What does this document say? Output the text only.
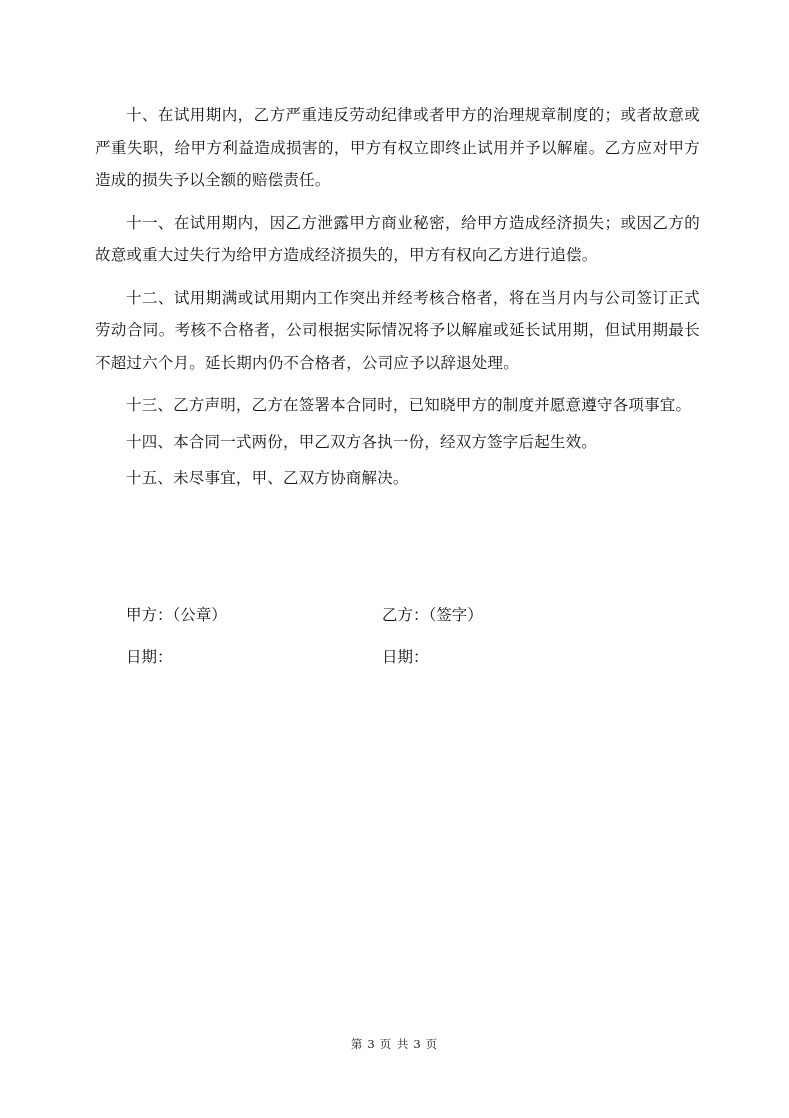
十、在试用期内，乙方严重违反劳动纪律或者甲方的治理规章制度的；或者故意或严重失职，给甲方利益造成损害的，甲方有权立即终止试用并予以解雇。乙方应对甲方造成的损失予以全额的赔偿责任。

十一、在试用期内，因乙方泄露甲方商业秘密，给甲方造成经济损失；或因乙方的故意或重大过失行为给甲方造成经济损失的，甲方有权向乙方进行追偿。

十二、试用期满或试用期内工作突出并经考核合格者，将在当月内与公司签订正式劳动合同。考核不合格者，公司根据实际情况将予以解雇或延长试用期，但试用期最长不超过六个月。延长期内仍不合格者，公司应予以辞退处理。

十三、乙方声明，乙方在签署本合同时，已知晓甲方的制度并愿意遵守各项事宜。

十四、本合同一式两份，甲乙双方各执一份，经双方签字后起生效。

十五、未尽事宜，甲、乙双方协商解决。

甲方：（公章）	乙方：（签字）
日期：	日期：
第 3 页 共 3 页
